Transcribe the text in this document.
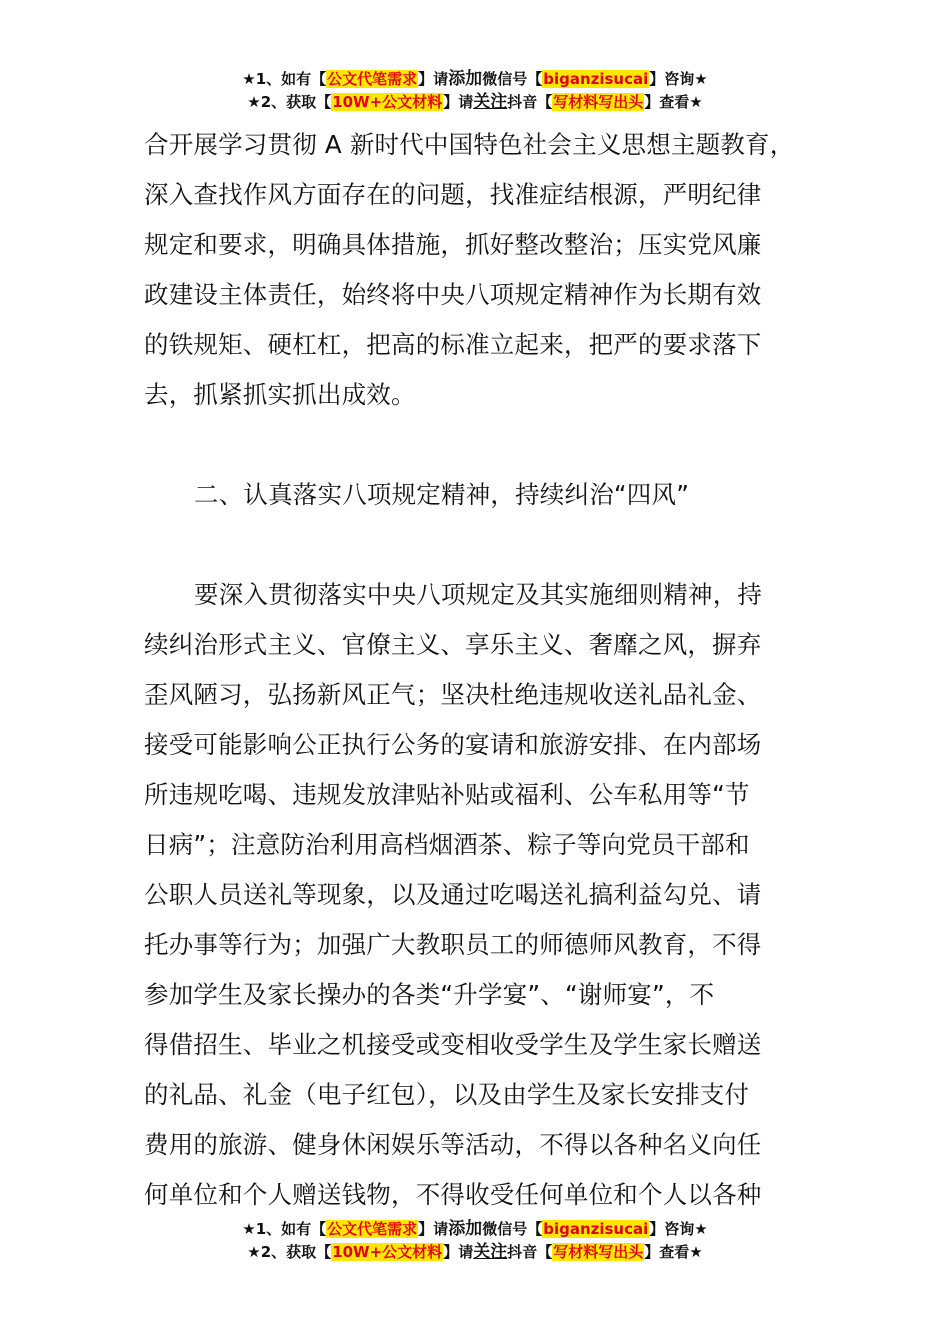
★1、如有【公文代笔需求】请添加微信号【biganzisucai】咨询★
★2、获取【10W+公文材料】请关注抖音【写材料写出头】查看★
合开展学习贯彻 A 新时代中国特色社会主义思想主题教育，
深入查找作风方面存在的问题，找准症结根源，严明纪律
规定和要求，明确具体措施，抓好整改整治；压实党风廉
政建设主体责任，始终将中央八项规定精神作为长期有效
的铁规矩、硬杠杠，把高的标准立起来，把严的要求落下
去，抓紧抓实抓出成效。
二、认真落实八项规定精神，持续纠治“四风”
要深入贯彻落实中央八项规定及其实施细则精神，持
续纠治形式主义、官僚主义、享乐主义、奢靡之风，摒弃
歪风陋习，弘扬新风正气；坚决杜绝违规收送礼品礼金、
接受可能影响公正执行公务的宴请和旅游安排、在内部场
所违规吃喝、违规发放津贴补贴或福利、公车私用等“节
日病”；注意防治利用高档烟酒茶、粽子等向党员干部和
公职人员送礼等现象，以及通过吃喝送礼搞利益勾兑、请
托办事等行为；加强广大教职员工的师德师风教育，不得
参加学生及家长操办的各类“升学宴”、“谢师宴”，不
得借招生、毕业之机接受或变相收受学生及学生家长赠送
的礼品、礼金（电子红包），以及由学生及家长安排支付
费用的旅游、健身休闲娱乐等活动，不得以各种名义向任
何单位和个人赠送钱物，不得收受任何单位和个人以各种
★1、如有【公文代笔需求】请添加微信号【biganzisucai】咨询★
★2、获取【10W+公文材料】请关注抖音【写材料写出头】查看★
